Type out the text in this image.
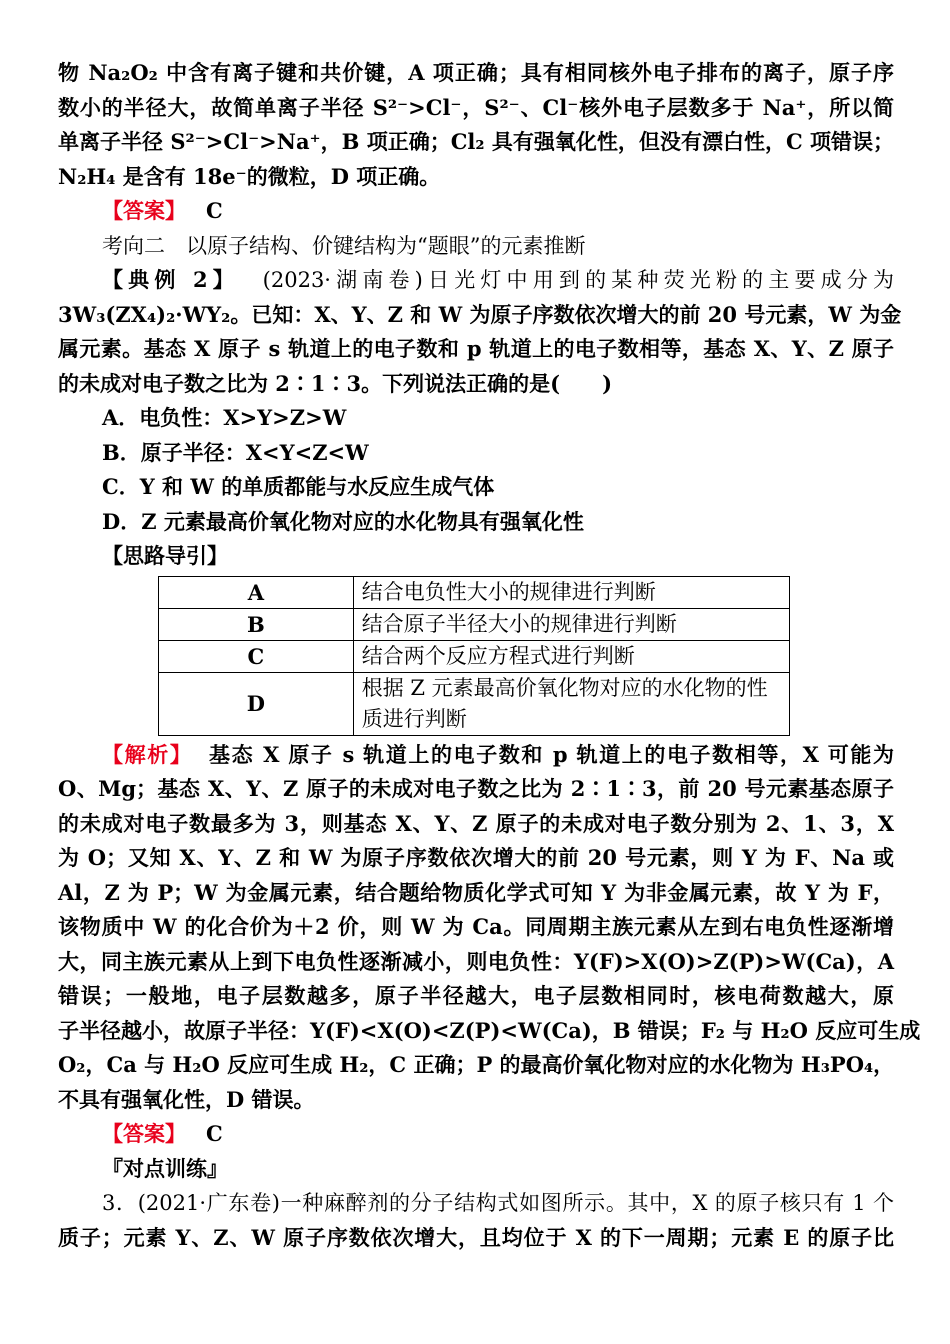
物 Na₂O₂ 中含有离子键和共价键，A 项正确；具有相同核外电子排布的离子，原子序
数小的半径大，故简单离子半径 S²⁻>Cl⁻，S²⁻、Cl⁻核外电子层数多于 Na⁺，所以简
单离子半径 S²⁻>Cl⁻>Na⁺，B 项正确；Cl₂ 具有强氧化性，但没有漂白性，C 项错误；
N₂H₄ 是含有 18e⁻的微粒，D 项正确。
【答案】 C
考向二　以原子结构、价键结构为“题眼”的元素推断
【典例 2】 (2023·湖南卷)日光灯中用到的某种荧光粉的主要成分为
3W₃(ZX₄)₂·WY₂。已知：X、Y、Z 和 W 为原子序数依次增大的前 20 号元素，W 为金
属元素。基态 X 原子 s 轨道上的电子数和 p 轨道上的电子数相等，基态 X、Y、Z 原子
的未成对电子数之比为 2∶1∶3。下列说法正确的是(　　)
A．电负性：X>Y>Z>W
B．原子半径：X<Y<Z<W
C．Y 和 W 的单质都能与水反应生成气体
D．Z 元素最高价氧化物对应的水化物具有强氧化性
【思路导引】
A	结合电负性大小的规律进行判断
B	结合原子半径大小的规律进行判断
C	结合两个反应方程式进行判断
D	根据 Z 元素最高价氧化物对应的水化物的性质进行判断
【解析】 基态 X 原子 s 轨道上的电子数和 p 轨道上的电子数相等，X 可能为
O、Mg；基态 X、Y、Z 原子的未成对电子数之比为 2∶1∶3，前 20 号元素基态原子
的未成对电子数最多为 3，则基态 X、Y、Z 原子的未成对电子数分别为 2、1、3，X
为 O；又知 X、Y、Z 和 W 为原子序数依次增大的前 20 号元素，则 Y 为 F、Na 或
Al，Z 为 P；W 为金属元素，结合题给物质化学式可知 Y 为非金属元素，故 Y 为 F，
该物质中 W 的化合价为＋2 价，则 W 为 Ca。同周期主族元素从左到右电负性逐渐增
大，同主族元素从上到下电负性逐渐减小，则电负性：Y(F)>X(O)>Z(P)>W(Ca)，A
错误；一般地，电子层数越多，原子半径越大，电子层数相同时，核电荷数越大，原
子半径越小，故原子半径：Y(F)<X(O)<Z(P)<W(Ca)，B 错误；F₂ 与 H₂O 反应可生成
O₂，Ca 与 H₂O 反应可生成 H₂，C 正确；P 的最高价氧化物对应的水化物为 H₃PO₄，
不具有强氧化性，D 错误。
【答案】 C
『对点训练』
3．(2021·广东卷)一种麻醉剂的分子结构式如图所示。其中，X 的原子核只有 1 个
质子；元素 Y、Z、W 原子序数依次增大，且均位于 X 的下一周期；元素 E 的原子比
